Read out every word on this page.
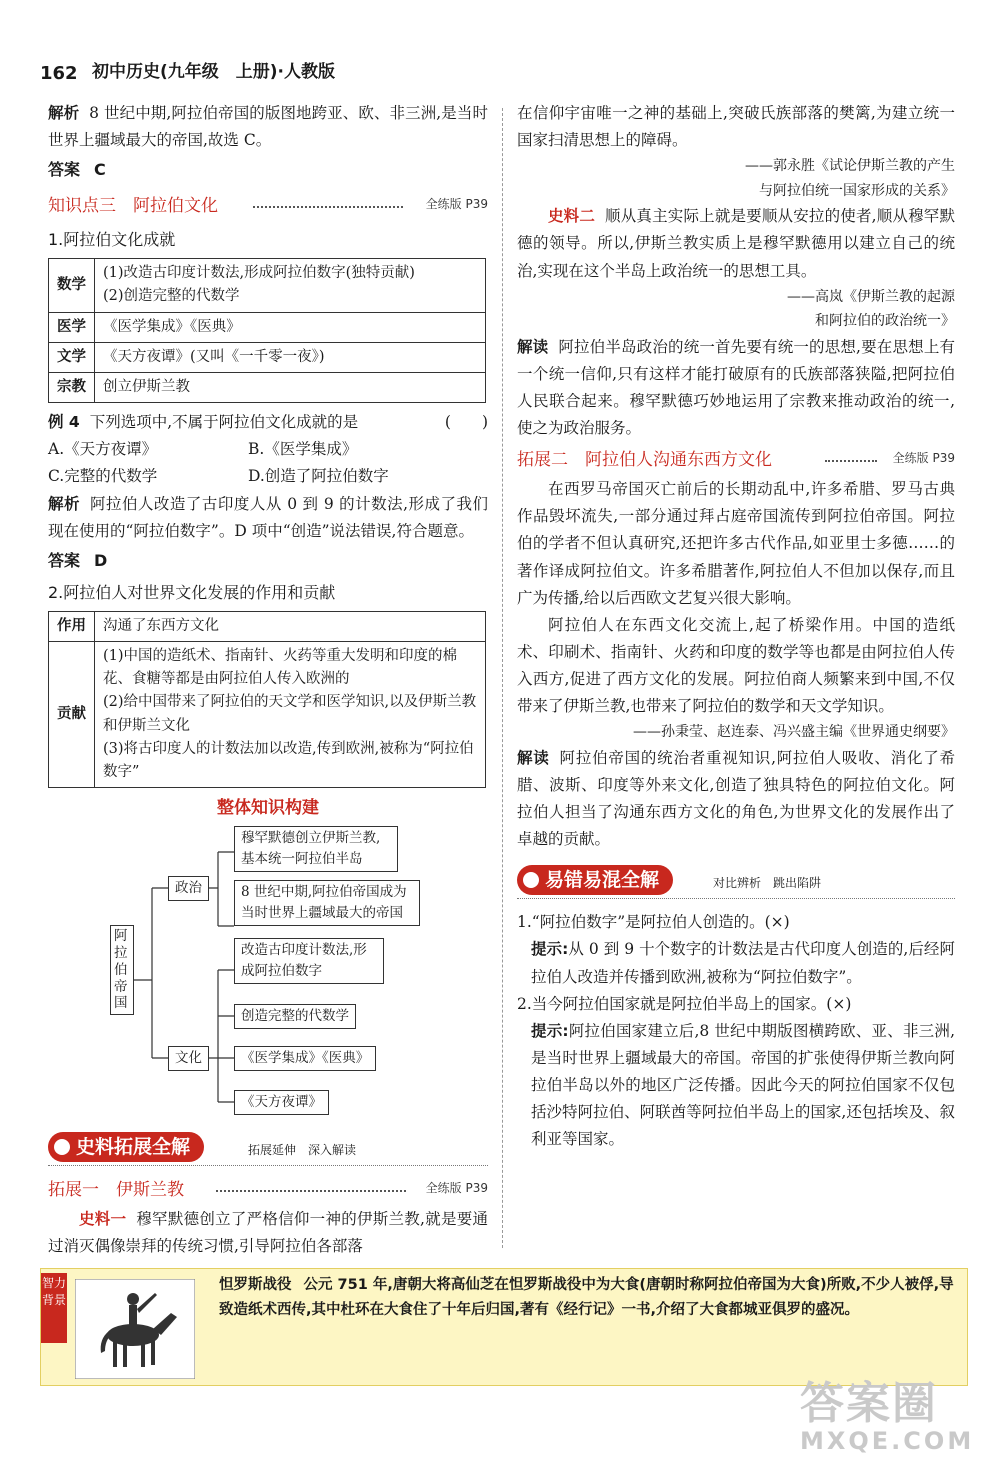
162 初中历史(九年级　上册)·人教版
解析 8 世纪中期,阿拉伯帝国的版图地跨亚、欧、非三洲,是当时世界上疆域最大的帝国,故选 C。
答案 C
知识点三　阿拉伯文化	全练版 P39
1.阿拉伯文化成就
数学	(1)改造古印度计数法,形成阿拉伯数字(独特贡献)
(2)创造完整的代数学

医学	《医学集成》《医典》
文学	《天方夜谭》(又叫《一千零一夜》)
宗教	创立伊斯兰教
例 4 下列选项中,不属于阿拉伯文化成就的是	(　　)
A.《天方夜谭》	B.《医学集成》
C.完整的代数学	D.创造了阿拉伯数字
解析 阿拉伯人改造了古印度人从 0 到 9 的计数法,形成了我们现在使用的“阿拉伯数字”。D 项中“创造”说法错误,符合题意。
答案 D
2.阿拉伯人对世界文化发展的作用和贡献
作用	沟通了东西方文化
贡献	(1)中国的造纸术、指南针、火药等重大发明和印度的棉花、食糖等都是由阿拉伯人传入欧洲的
(2)给中国带来了阿拉伯的天文学和医学知识,以及伊斯兰教和伊斯兰文化
(3)将古印度人的计数法加以改造,传到欧洲,被称为“阿拉伯数字”
整体知识构建
阿拉伯帝国
政治
文化
穆罕默德创立伊斯兰教,基本统一阿拉伯半岛
8 世纪中期,阿拉伯帝国成为当时世界上疆域最大的帝国
改造古印度计数法,形成阿拉伯数字
创造完整的代数学
《医学集成》《医典》
《天方夜谭》
史料拓展全解	拓展延伸　深入解读
拓展一　伊斯兰教	全练版 P39
史料一 穆罕默德创立了严格信仰一神的伊斯兰教,就是要通过消灭偶像崇拜的传统习惯,引导阿拉伯各部落
在信仰宇宙唯一之神的基础上,突破氏族部落的樊篱,为建立统一国家扫清思想上的障碍。
——郭永胜《试论伊斯兰教的产生
与阿拉伯统一国家形成的关系》
史料二 顺从真主实际上就是要顺从安拉的使者,顺从穆罕默德的领导。所以,伊斯兰教实质上是穆罕默德用以建立自己的统治,实现在这个半岛上政治统一的思想工具。
——高岚《伊斯兰教的起源
和阿拉伯的政治统一》
解读 阿拉伯半岛政治的统一首先要有统一的思想,要在思想上有一个统一信仰,只有这样才能打破原有的氏族部落狭隘,把阿拉伯人民联合起来。穆罕默德巧妙地运用了宗教来推动政治的统一,使之为政治服务。
拓展二　阿拉伯人沟通东西方文化	全练版 P39
在西罗马帝国灭亡前后的长期动乱中,许多希腊、罗马古典作品毁坏流失,一部分通过拜占庭帝国流传到阿拉伯帝国。阿拉伯的学者不但认真研究,还把许多古代作品,如亚里士多德……的著作译成阿拉伯文。许多希腊著作,阿拉伯人不但加以保存,而且广为传播,给以后西欧文艺复兴很大影响。
阿拉伯人在东西文化交流上,起了桥梁作用。中国的造纸术、印刷术、指南针、火药和印度的数学等也都是由阿拉伯人传入西方,促进了西方文化的发展。阿拉伯商人频繁来到中国,不仅带来了伊斯兰教,也带来了阿拉伯的数学和天文学知识。
——孙秉莹、赵连泰、冯兴盛主编《世界通史纲要》
解读 阿拉伯帝国的统治者重视知识,阿拉伯人吸收、消化了希腊、波斯、印度等外来文化,创造了独具特色的阿拉伯文化。阿拉伯人担当了沟通东西方文化的角色,为世界文化的发展作出了卓越的贡献。
易错易混全解	对比辨析　跳出陷阱
1.“阿拉伯数字”是阿拉伯人创造的。(×)
提示:从 0 到 9 十个数字的计数法是古代印度人创造的,后经阿拉伯人改造并传播到欧洲,被称为“阿拉伯数字”。
2.当今阿拉伯国家就是阿拉伯半岛上的国家。(×)
提示:阿拉伯国家建立后,8 世纪中期版图横跨欧、亚、非三洲,是当时世界上疆域最大的帝国。帝国的扩张使得伊斯兰教向阿拉伯半岛以外的地区广泛传播。因此今天的阿拉伯国家不仅包括沙特阿拉伯、阿联酋等阿拉伯半岛上的国家,还包括埃及、叙利亚等国家。
智力背景
怛罗斯战役 公元 751 年,唐朝大将高仙芝在怛罗斯战役中为大食(唐朝时称阿拉伯帝国为大食)所败,不少人被俘,导致造纸术西传,其中杜环在大食住了十年后归国,著有《经行记》一书,介绍了大食都城亚俱罗的盛况。
答案圈
MXQE.COM
